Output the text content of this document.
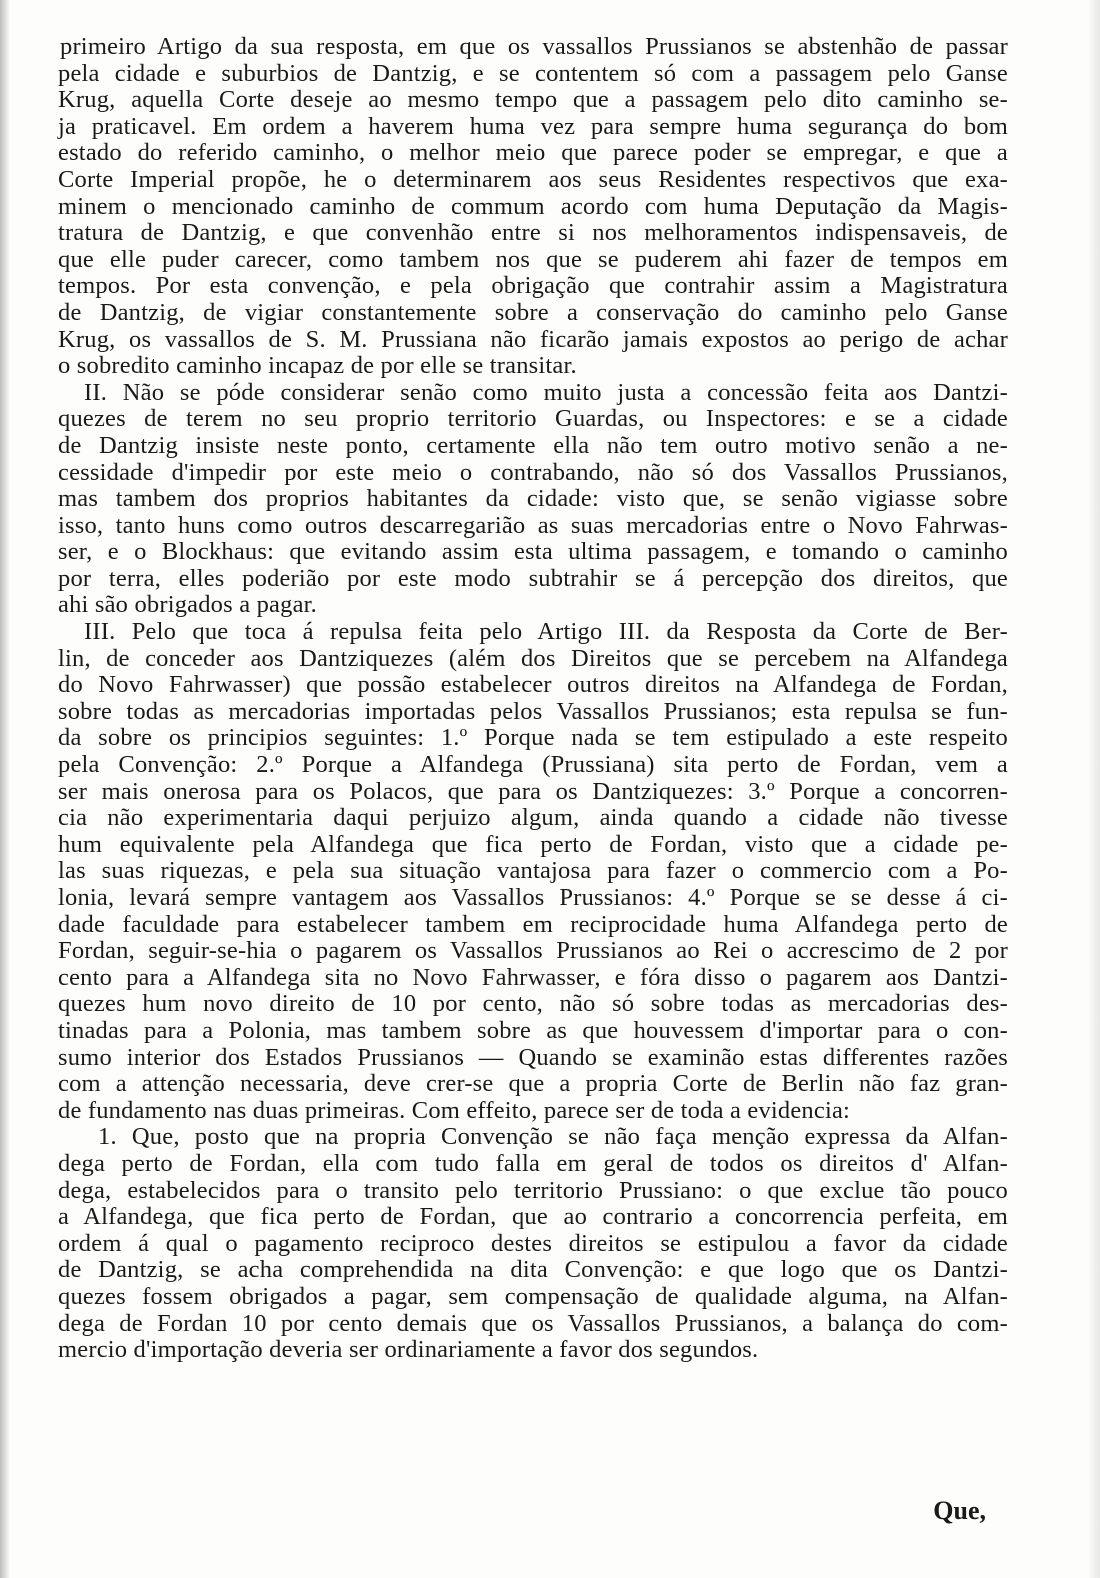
primeiro Artigo da sua resposta, em que os vassallos Prussianos se abstenhão de passar
pela cidade e suburbios de Dantzig, e se contentem só com a passagem pelo Ganse
Krug, aquella Corte deseje ao mesmo tempo que a passagem pelo dito caminho se-
ja praticavel. Em ordem a haverem huma vez para sempre huma segurança do bom
estado do referido caminho, o melhor meio que parece poder se empregar, e que a
Corte Imperial propõe, he o determinarem aos seus Residentes respectivos que exa-
minem o mencionado caminho de commum acordo com huma Deputação da Magis-
tratura de Dantzig, e que convenhão entre si nos melhoramentos indispensaveis, de
que elle puder carecer, como tambem nos que se puderem ahi fazer de tempos em
tempos. Por esta convenção, e pela obrigação que contrahir assim a Magistratura
de Dantzig, de vigiar constantemente sobre a conservação do caminho pelo Ganse
Krug, os vassallos de S. M. Prussiana não ficarão jamais expostos ao perigo de achar
o sobredito caminho incapaz de por elle se transitar.
II. Não se póde considerar senão como muito justa a concessão feita aos Dantzi-
quezes de terem no seu proprio territorio Guardas, ou Inspectores: e se a cidade
de Dantzig insiste neste ponto, certamente ella não tem outro motivo senão a ne-
cessidade d'impedir por este meio o contrabando, não só dos Vassallos Prussianos,
mas tambem dos proprios habitantes da cidade: visto que, se senão vigiasse sobre
isso, tanto huns como outros descarregarião as suas mercadorias entre o Novo Fahrwas-
ser, e o Blockhaus: que evitando assim esta ultima passagem, e tomando o caminho
por terra, elles poderião por este modo subtrahir se á percepção dos direitos, que
ahi são obrigados a pagar.
III. Pelo que toca á repulsa feita pelo Artigo III. da Resposta da Corte de Ber-
lin, de conceder aos Dantziquezes (além dos Direitos que se percebem na Alfandega
do Novo Fahrwasser) que possão estabelecer outros direitos na Alfandega de Fordan,
sobre todas as mercadorias importadas pelos Vassallos Prussianos; esta repulsa se fun-
da sobre os principios seguintes: 1.º Porque nada se tem estipulado a este respeito
pela Convenção: 2.º Porque a Alfandega (Prussiana) sita perto de Fordan, vem a
ser mais onerosa para os Polacos, que para os Dantziquezes: 3.º Porque a concorren-
cia não experimentaria daqui perjuizo algum, ainda quando a cidade não tivesse
hum equivalente pela Alfandega que fica perto de Fordan, visto que a cidade pe-
las suas riquezas, e pela sua situação vantajosa para fazer o commercio com a Po-
lonia, levará sempre vantagem aos Vassallos Prussianos: 4.º Porque se se desse á ci-
dade faculdade para estabelecer tambem em reciprocidade huma Alfandega perto de
Fordan, seguir-se-hia o pagarem os Vassallos Prussianos ao Rei o accrescimo de 2 por
cento para a Alfandega sita no Novo Fahrwasser, e fóra disso o pagarem aos Dantzi-
quezes hum novo direito de 10 por cento, não só sobre todas as mercadorias des-
tinadas para a Polonia, mas tambem sobre as que houvessem d'importar para o con-
sumo interior dos Estados Prussianos — Quando se examinão estas differentes razões
com a attenção necessaria, deve crer-se que a propria Corte de Berlin não faz gran-
de fundamento nas duas primeiras. Com effeito, parece ser de toda a evidencia:
1. Que, posto que na propria Convenção se não faça menção expressa da Alfan-
dega perto de Fordan, ella com tudo falla em geral de todos os direitos d' Alfan-
dega, estabelecidos para o transito pelo territorio Prussiano: o que exclue tão pouco
a Alfandega, que fica perto de Fordan, que ao contrario a concorrencia perfeita, em
ordem á qual o pagamento reciproco destes direitos se estipulou a favor da cidade
de Dantzig, se acha comprehendida na dita Convenção: e que logo que os Dantzi-
quezes fossem obrigados a pagar, sem compensação de qualidade alguma, na Alfan-
dega de Fordan 10 por cento demais que os Vassallos Prussianos, a balança do com-
mercio d'importação deveria ser ordinariamente a favor dos segundos.
Que,
